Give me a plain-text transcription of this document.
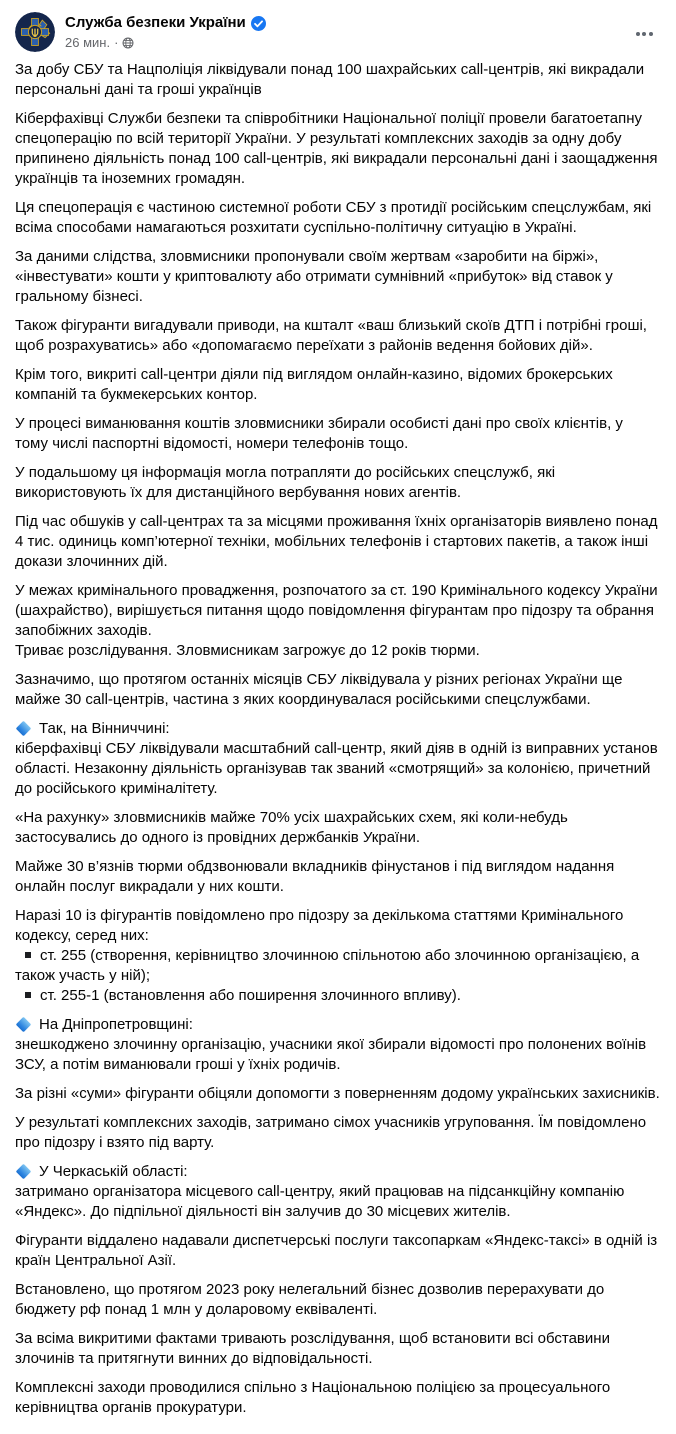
Служба безпеки України
26 мин. ·
За добу СБУ та Нацполіція ліквідували понад 100 шахрайських call-центрів, які викрадали персональні дані та гроші українців
Кіберфахівці Служби безпеки та співробітники Національної поліції провели багатоетапну спецоперацію по всій території України. У результаті комплексних заходів за одну добу припинено діяльність понад 100 call-центрів, які викрадали персональні дані і заощадження українців та іноземних громадян.
Ця спецоперація є частиною системної роботи СБУ з протидії російським спецслужбам, які всіма способами намагаються розхитати суспільно-політичну ситуацію в Україні.
За даними слідства, зловмисники пропонували своїм жертвам «заробити на біржі», «інвестувати» кошти у криптовалюту або отримати сумнівний «прибуток» від ставок у гральному бізнесі.
Також фігуранти вигадували приводи, на кшталт «ваш близький скоїв ДТП і потрібні гроші, щоб розрахуватись» або «допомагаємо переїхати з районів ведення бойових дій».
Крім того, викриті call-центри діяли під виглядом онлайн-казино, відомих брокерських компаній та букмекерських контор.
У процесі виманювання коштів зловмисники збирали особисті дані про своїх клієнтів, у тому числі паспортні відомості, номери телефонів тощо.
У подальшому ця інформація могла потрапляти до російських спецслужб, які використовують їх для дистанційного вербування нових агентів.
Під час обшуків у call-центрах та за місцями проживання їхніх організаторів виявлено понад 4 тис. одиниць комп’ютерної техніки, мобільних телефонів і стартових пакетів, а також інші докази злочинних дій.
У межах кримінального провадження, розпочатого за ст. 190 Кримінального кодексу України (шахрайство), вирішується питання щодо повідомлення фігурантам про підозру та обрання запобіжних заходів.
Триває розслідування. Зловмисникам загрожує до 12 років тюрми.
Зазначимо, що протягом останніх місяців СБУ ліквідувала у різних регіонах України ще майже 30 call-центрів, частина з яких координувалася російськими спецслужбами.
Так, на Вінниччині:
кіберфахівці СБУ ліквідували масштабний call-центр, який діяв в одній із виправних установ області. Незаконну діяльність організував так званий «смотрящий» за колонією, причетний до російського криміналітету.
«На рахунку» зловмисників майже 70% усіх шахрайських схем, які коли-небудь застосувались до одного із провідних держбанків України.
Майже 30 в’язнів тюрми обдзвонювали вкладників фінустанов і під виглядом надання онлайн послуг викрадали у них кошти.
Наразі 10 із фігурантів повідомлено про підозру за декількома статтями Кримінального кодексу, серед них:
ст. 255 (створення, керівництво злочинною спільнотою або злочинною організацією, а також участь у ній);
ст. 255-1 (встановлення або поширення злочинного впливу).
На Дніпропетровщині:
знешкоджено злочинну організацію, учасники якої збирали відомості про полонених воїнів ЗСУ, а потім виманювали гроші у їхніх родичів.
За різні «суми» фігуранти обіцяли допомогти з поверненням додому українських захисників.
У результаті комплексних заходів, затримано сімох учасників угруповання. Їм повідомлено про підозру і взято під варту.
У Черкаській області:
затримано організатора місцевого call-центру, який працював на підсанкційну компанію «Яндекс». До підпільної діяльності він залучив до 30 місцевих жителів.
Фігуранти віддалено надавали диспетчерські послуги таксопаркам «Яндекс-таксі» в одній із країн Центральної Азії.
Встановлено, що протягом 2023 року нелегальний бізнес дозволив перерахувати до бюджету рф понад 1 млн у доларовому еквіваленті.
За всіма викритими фактами тривають розслідування, щоб встановити всі обставини злочинів та притягнути винних до відповідальності.
Комплексні заходи проводилися спільно з Національною поліцією за процесуального керівництва органів прокуратури.
